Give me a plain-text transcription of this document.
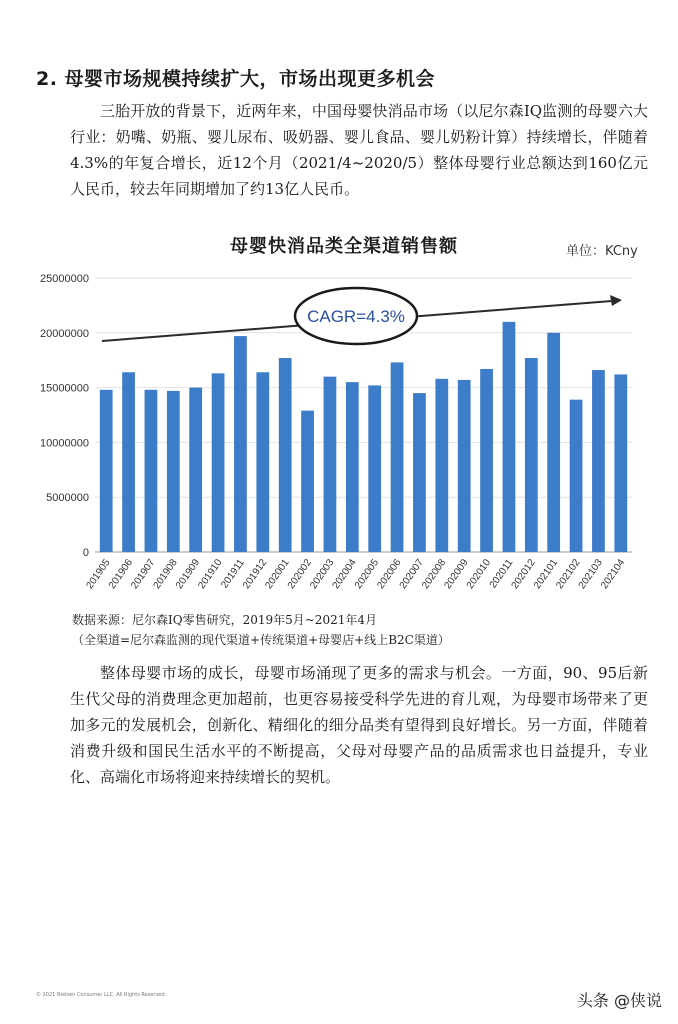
2. 母婴市场规模持续扩大，市场出现更多机会

三胎开放的背景下，近两年来，中国母婴快消品市场（以尼尔森IQ监测的母婴六大行业：奶嘴、奶瓶、婴儿尿布、吸奶器、婴儿食品、婴儿奶粉计算）持续增长，伴随着4.3%的年复合增长，近12个月（2021/4~2020/5）整体母婴行业总额达到160亿元人民币，较去年同期增加了约13亿人民币。

母婴快消品类全渠道销售额	单位：KCny
0
5000000
10000000
15000000
20000000
25000000
201905
201906
201907
201908
201909
201910
201911
201912
202001
202002
202003
202004
202005
202006
202007
202008
202009
202010
202011
202012
202101
202102
202103
202104
CAGR=4.3%
数据来源：尼尔森IQ零售研究，2019年5月~2021年4月
（全渠道=尼尔森监测的现代渠道+传统渠道+母婴店+线上B2C渠道）

整体母婴市场的成长，母婴市场涌现了更多的需求与机会。一方面，90、95后新生代父母的消费理念更加超前，也更容易接受科学先进的育儿观，为母婴市场带来了更加多元的发展机会，创新化、精细化的细分品类有望得到良好增长。另一方面，伴随着消费升级和国民生活水平的不断提高，父母对母婴产品的品质需求也日益提升，专业化、高端化市场将迎来持续增长的契机。

© 2021 Nielsen Consumer LLC. All Rights Reserved.	头条 @侠说
